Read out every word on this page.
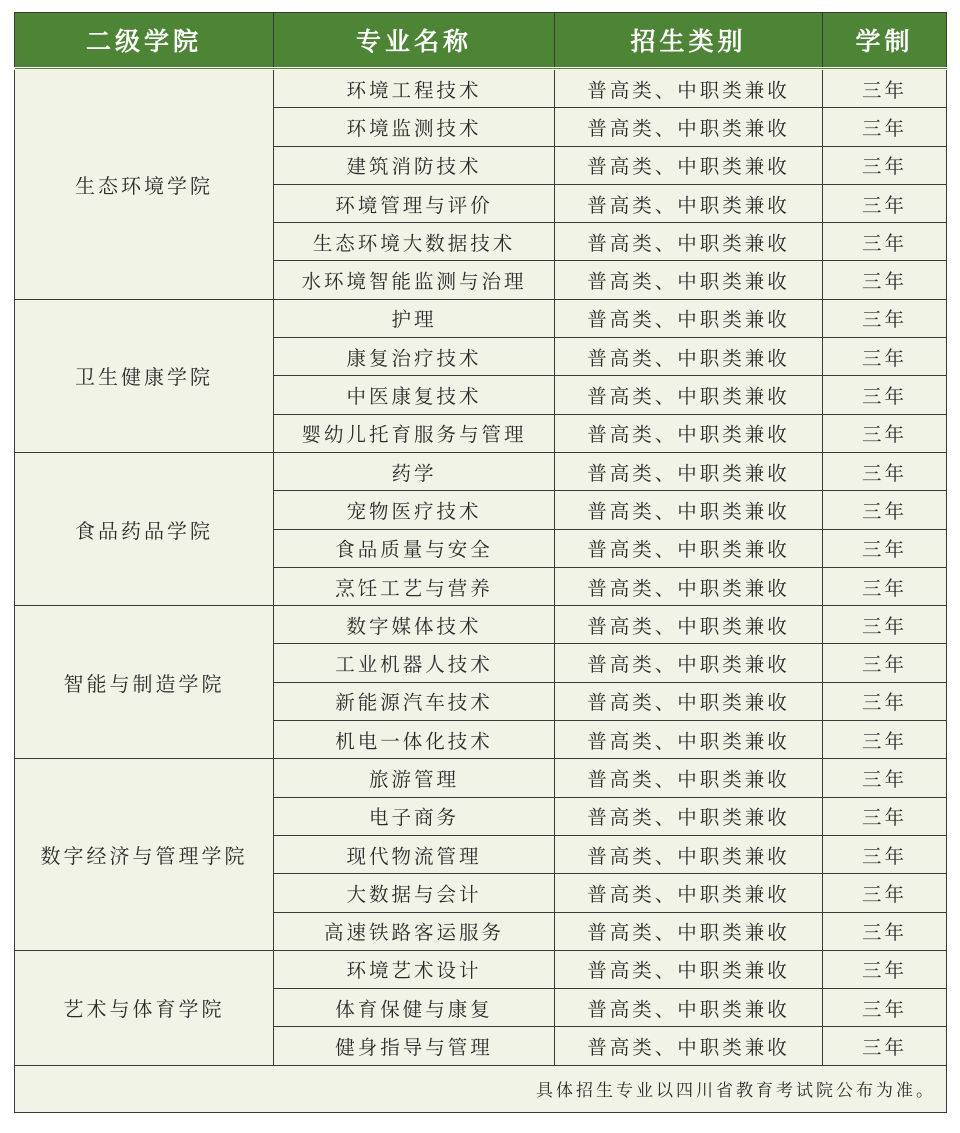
二级学院	专业名称	招生类别	学制
生态环境学院	环境工程技术	普高类、中职类兼收	三年
	环境监测技术	普高类、中职类兼收	三年
	建筑消防技术	普高类、中职类兼收	三年
	环境管理与评价	普高类、中职类兼收	三年
	生态环境大数据技术	普高类、中职类兼收	三年
	水环境智能监测与治理	普高类、中职类兼收	三年
卫生健康学院	护理	普高类、中职类兼收	三年
	康复治疗技术	普高类、中职类兼收	三年
	中医康复技术	普高类、中职类兼收	三年
	婴幼儿托育服务与管理	普高类、中职类兼收	三年
食品药品学院	药学	普高类、中职类兼收	三年
	宠物医疗技术	普高类、中职类兼收	三年
	食品质量与安全	普高类、中职类兼收	三年
	烹饪工艺与营养	普高类、中职类兼收	三年
智能与制造学院	数字媒体技术	普高类、中职类兼收	三年
	工业机器人技术	普高类、中职类兼收	三年
	新能源汽车技术	普高类、中职类兼收	三年
	机电一体化技术	普高类、中职类兼收	三年
数字经济与管理学院	旅游管理	普高类、中职类兼收	三年
	电子商务	普高类、中职类兼收	三年
	现代物流管理	普高类、中职类兼收	三年
	大数据与会计	普高类、中职类兼收	三年
	高速铁路客运服务	普高类、中职类兼收	三年
艺术与体育学院	环境艺术设计	普高类、中职类兼收	三年
	体育保健与康复	普高类、中职类兼收	三年
	健身指导与管理	普高类、中职类兼收	三年
具体招生专业以四川省教育考试院公布为准。			
